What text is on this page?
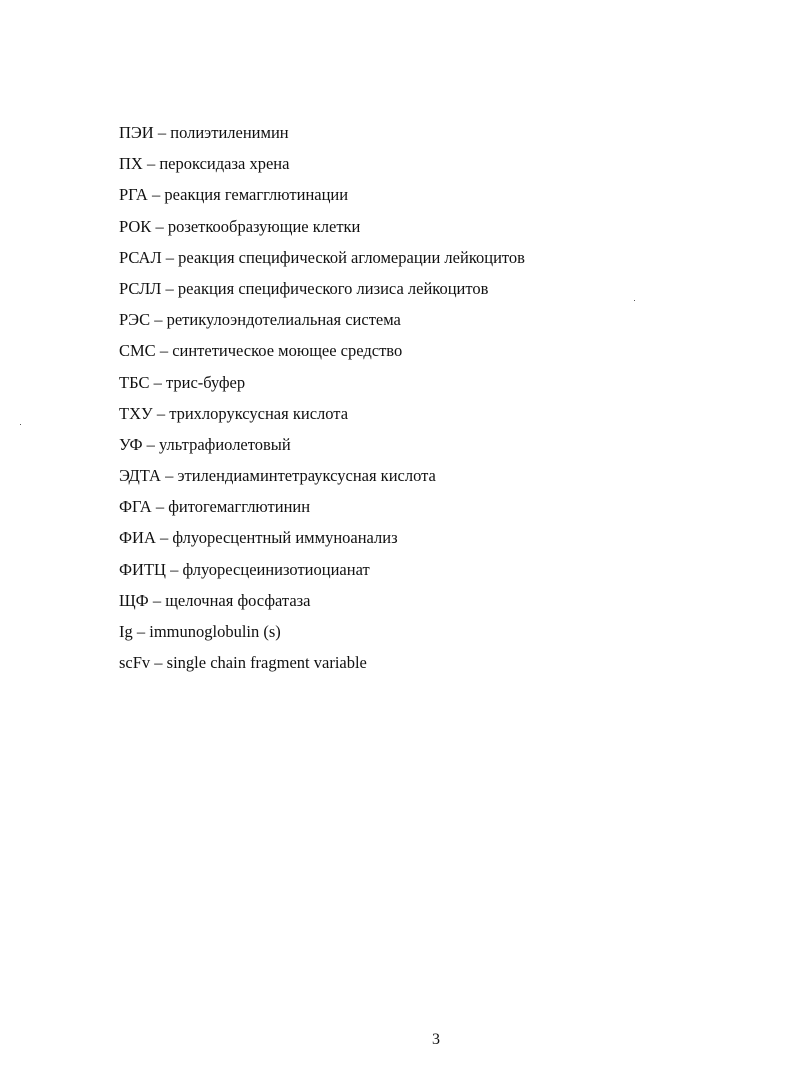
ПЭИ – полиэтиленимин
ПХ – пероксидаза хрена
РГА – реакция гемагглютинации
РОК – розеткообразующие клетки
РСАЛ – реакция специфической агломерации лейкоцитов
РСЛЛ – реакция специфического лизиса лейкоцитов
РЭС – ретикулоэндотелиальная система
СМС – синтетическое моющее средство
ТБС – трис-буфер
ТХУ – трихлоруксусная кислота
УФ – ультрафиолетовый
ЭДТА – этилендиаминтетрауксусная кислота
ФГА – фитогемагглютинин
ФИА – флуоресцентный иммуноанализ
ФИТЦ – флуоресцеинизотиоцианат
ЩФ – щелочная фосфатаза
Ig – immunoglobulin (s)
scFv – single chain fragment variable
3
